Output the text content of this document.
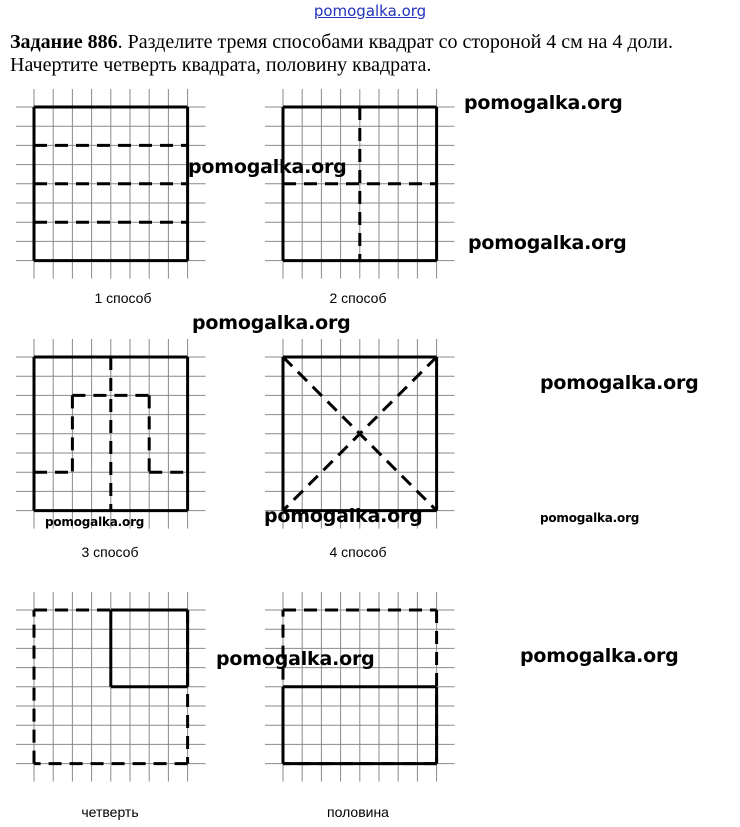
pomogalka.org
Задание 886. Разделите тремя способами квадрат со стороной 4 см на 4 доли. Начертите четверть квадрата, половину квадрата.
1 способ	2 способ
3 способ	4 способ
четверть	половина
pomogalka.org
pomogalka.org
pomogalka.org
pomogalka.org
pomogalka.org
pomogalka.org	pomogalka.org	pomogalka.org
pomogalka.org	pomogalka.org
